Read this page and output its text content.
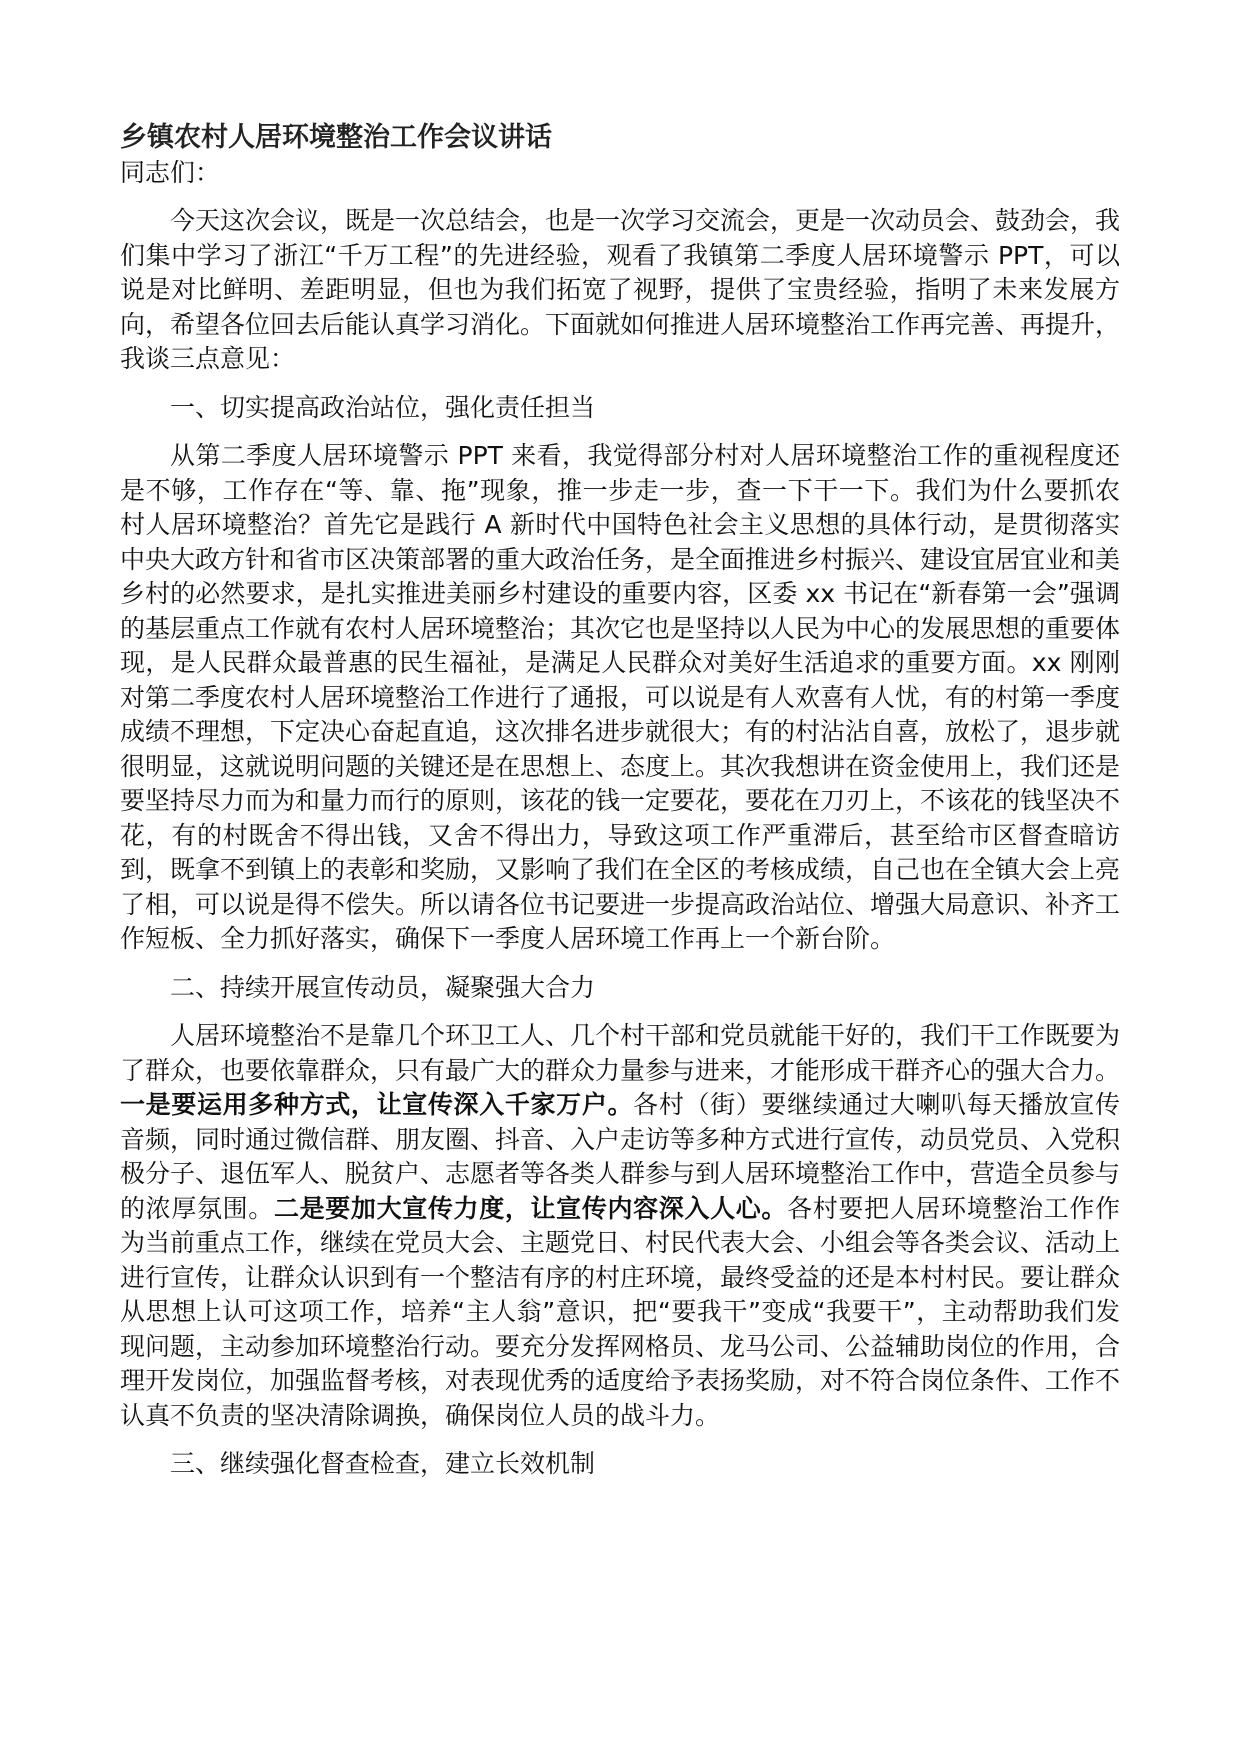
乡镇农村人居环境整治工作会议讲话

同志们：

今天这次会议，既是一次总结会，也是一次学习交流会，更是一次动员会、鼓劲会，我们集中学习了浙江“千万工程”的先进经验，观看了我镇第二季度人居环境警示 PPT，可以说是对比鲜明、差距明显，但也为我们拓宽了视野，提供了宝贵经验，指明了未来发展方向，希望各位回去后能认真学习消化。下面就如何推进人居环境整治工作再完善、再提升，我谈三点意见：

一、切实提高政治站位，强化责任担当

从第二季度人居环境警示 PPT 来看，我觉得部分村对人居环境整治工作的重视程度还是不够，工作存在“等、靠、拖”现象，推一步走一步，查一下干一下。我们为什么要抓农村人居环境整治？首先它是践行 A 新时代中国特色社会主义思想的具体行动，是贯彻落实中央大政方针和省市区决策部署的重大政治任务，是全面推进乡村振兴、建设宜居宜业和美乡村的必然要求，是扎实推进美丽乡村建设的重要内容，区委 xx 书记在“新春第一会”强调的基层重点工作就有农村人居环境整治；其次它也是坚持以人民为中心的发展思想的重要体现，是人民群众最普惠的民生福祉，是满足人民群众对美好生活追求的重要方面。xx 刚刚对第二季度农村人居环境整治工作进行了通报，可以说是有人欢喜有人忧，有的村第一季度成绩不理想，下定决心奋起直追，这次排名进步就很大；有的村沾沾自喜，放松了，退步就很明显，这就说明问题的关键还是在思想上、态度上。其次我想讲在资金使用上，我们还是要坚持尽力而为和量力而行的原则，该花的钱一定要花，要花在刀刃上，不该花的钱坚决不花，有的村既舍不得出钱，又舍不得出力，导致这项工作严重滞后，甚至给市区督查暗访到，既拿不到镇上的表彰和奖励，又影响了我们在全区的考核成绩，自己也在全镇大会上亮了相，可以说是得不偿失。所以请各位书记要进一步提高政治站位、增强大局意识、补齐工作短板、全力抓好落实，确保下一季度人居环境工作再上一个新台阶。

二、持续开展宣传动员，凝聚强大合力

人居环境整治不是靠几个环卫工人、几个村干部和党员就能干好的，我们干工作既要为了群众，也要依靠群众，只有最广大的群众力量参与进来，才能形成干群齐心的强大合力。一是要运用多种方式，让宣传深入千家万户。各村（街）要继续通过大喇叭每天播放宣传音频，同时通过微信群、朋友圈、抖音、入户走访等多种方式进行宣传，动员党员、入党积极分子、退伍军人、脱贫户、志愿者等各类人群参与到人居环境整治工作中，营造全员参与的浓厚氛围。二是要加大宣传力度，让宣传内容深入人心。各村要把人居环境整治工作作为当前重点工作，继续在党员大会、主题党日、村民代表大会、小组会等各类会议、活动上进行宣传，让群众认识到有一个整洁有序的村庄环境，最终受益的还是本村村民。要让群众从思想上认可这项工作，培养“主人翁”意识，把“要我干”变成“我要干”，主动帮助我们发现问题，主动参加环境整治行动。要充分发挥网格员、龙马公司、公益辅助岗位的作用，合理开发岗位，加强监督考核，对表现优秀的适度给予表扬奖励，对不符合岗位条件、工作不认真不负责的坚决清除调换，确保岗位人员的战斗力。

三、继续强化督查检查，建立长效机制
